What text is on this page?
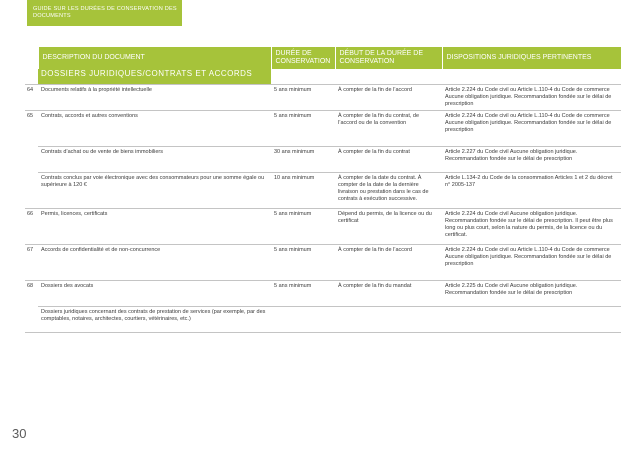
GUIDE SUR LES DURÉES DE CONSERVATION DES DOCUMENTS
	DESCRIPTION DU DOCUMENT	DURÉE DE CONSERVATION	DÉBUT DE LA DURÉE DE CONSERVATION	DISPOSITIONS JURIDIQUES PERTINENTES
	DOSSIERS JURIDIQUES/CONTRATS ET ACCORDS			
64	Documents relatifs à la propriété intellectuelle	5 ans minimum	À compter de la fin de l’accord	Article 2.224 du Code civil ou Article L.110-4 du Code de commerce Aucune obligation juridique. Recommandation fondée sur le délai de prescription
65	Contrats, accords et autres conventions	5 ans minimum	À compter de la fin du contrat, de l’accord ou de la convention	Article 2.224 du Code civil ou Article L.110-4 du Code de commerce Aucune obligation juridique. Recommandation fondée sur le délai de prescription
	Contrats d’achat ou de vente de biens immobiliers	30 ans minimum	À compter de la fin du contrat	Article 2.227 du Code civil Aucune obligation juridique. Recommandation fondée sur le délai de prescription
	Contrats conclus par voie électronique avec des consommateurs pour une somme égale ou supérieure à 120 €	10 ans minimum	À compter de la date du contrat. À compter de la date de la dernière livraison ou prestation dans le cas de contrats à exécution successive.	Article L.134-2 du Code de la consommation Articles 1 et 2 du décret n° 2005-137
66	Permis, licences, certificats	5 ans minimum	Dépend du permis, de la licence ou du certificat	Article 2.224 du Code civil Aucune obligation juridique. Recommandation fondée sur le délai de prescription. Il peut être plus long ou plus court, selon la nature du permis, de la licence ou du certificat.
67	Accords de confidentialité et de non-concurrence	5 ans minimum	À compter de la fin de l’accord	Article 2.224 du Code civil ou Article L.110-4 du Code de commerce Aucune obligation juridique. Recommandation fondée sur le délai de prescription
68	Dossiers des avocats	5 ans minimum	À compter de la fin du mandat	Article 2.225 du Code civil Aucune obligation juridique. Recommandation fondée sur le délai de prescription
	Dossiers juridiques concernant des contrats de prestation de services (par exemple, par des comptables, notaires, architectes, courtiers, vétérinaires, etc.)			
30
